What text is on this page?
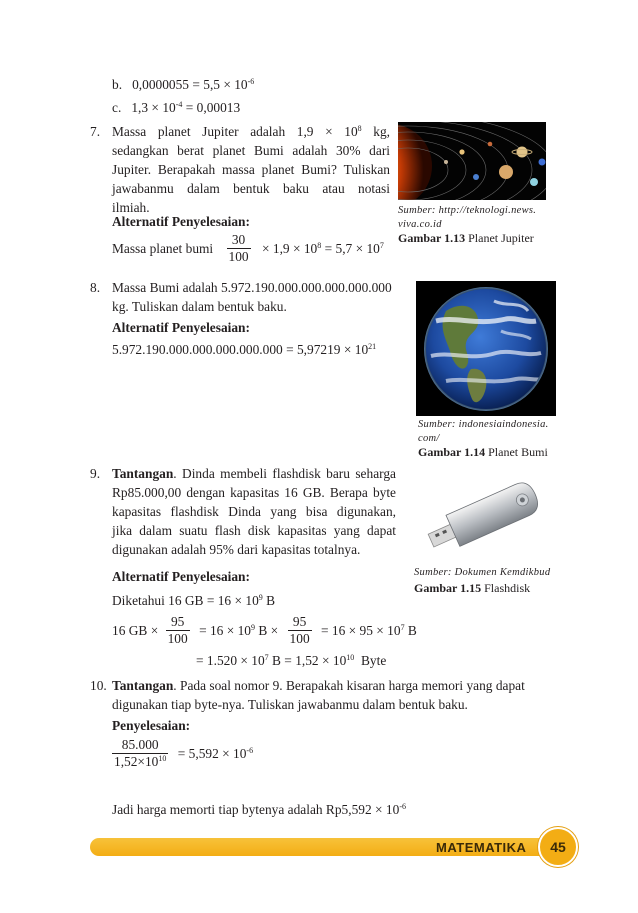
b. $0,0000055 = 5,5 \times 10^{-6}$
c. $1,3 \times 10^{-4} = 0,00013$
7. Massa planet Jupiter adalah $1,9 \times 10^8$ kg,
sedangkan berat planet Bumi adalah 30% dari
Jupiter. Berapakah massa planet Bumi? Tuliskan
jawabanmu dalam bentuk baku atau notasi
ilmiah.
Alternatif Penyelesaian:
Massa planet bumi $\frac{30}{100} \times 1,9 \times 10^8 = 5,7 \times 10^7$
Sumber: http://teknologi.news.
viva.co.id
Gambar 1.13 Planet Jupiter
8. Massa Bumi adalah 5.972.190.000.000.000.000.000
kg. Tuliskan dalam bentuk baku.
Alternatif Penyelesaian:
$5.972.190.000.000.000.000.000 = 5,97219 \times 10^{21}$
Sumber: indonesiaindonesia.
com/
Gambar 1.14 Planet Bumi
9. Tantangan. Dinda membeli flashdisk baru seharga
Rp85.000,00 dengan kapasitas 16 GB. Berapa byte
kapasitas flashdisk Dinda yang bisa digunakan,
jika dalam suatu flash disk kapasitas yang dapat
digunakan adalah 95% dari kapasitas totalnya.
Sumber: Dokumen Kemdikbud
Gambar 1.15 Flashdisk
Alternatif Penyelesaian:
Diketahui 16 GB = $16 \times 10^9$ B
16 GB × $\frac{95}{100} = 16 \times 10^9$ $B \times \frac{95}{100} = 16 \times 95 \times 10^7$ B
= $1.520 \times 10^7$ $B = 1,52 \times 10^{10}$  Byte
10. Tantangan. Pada soal nomor 9. Berapakah kisaran harga memori yang dapat
digunakan tiap byte-nya. Tuliskan jawabanmu dalam bentuk baku.
Penyelesaian:
$\frac{85.000}{1,52\times 10^{10}} = 5,592 \times 10^{-6}$
Jadi harga memorti tiap bytenya adalah $Rp5,592 \times 10^{-6}$
MATEMATIKA	45
